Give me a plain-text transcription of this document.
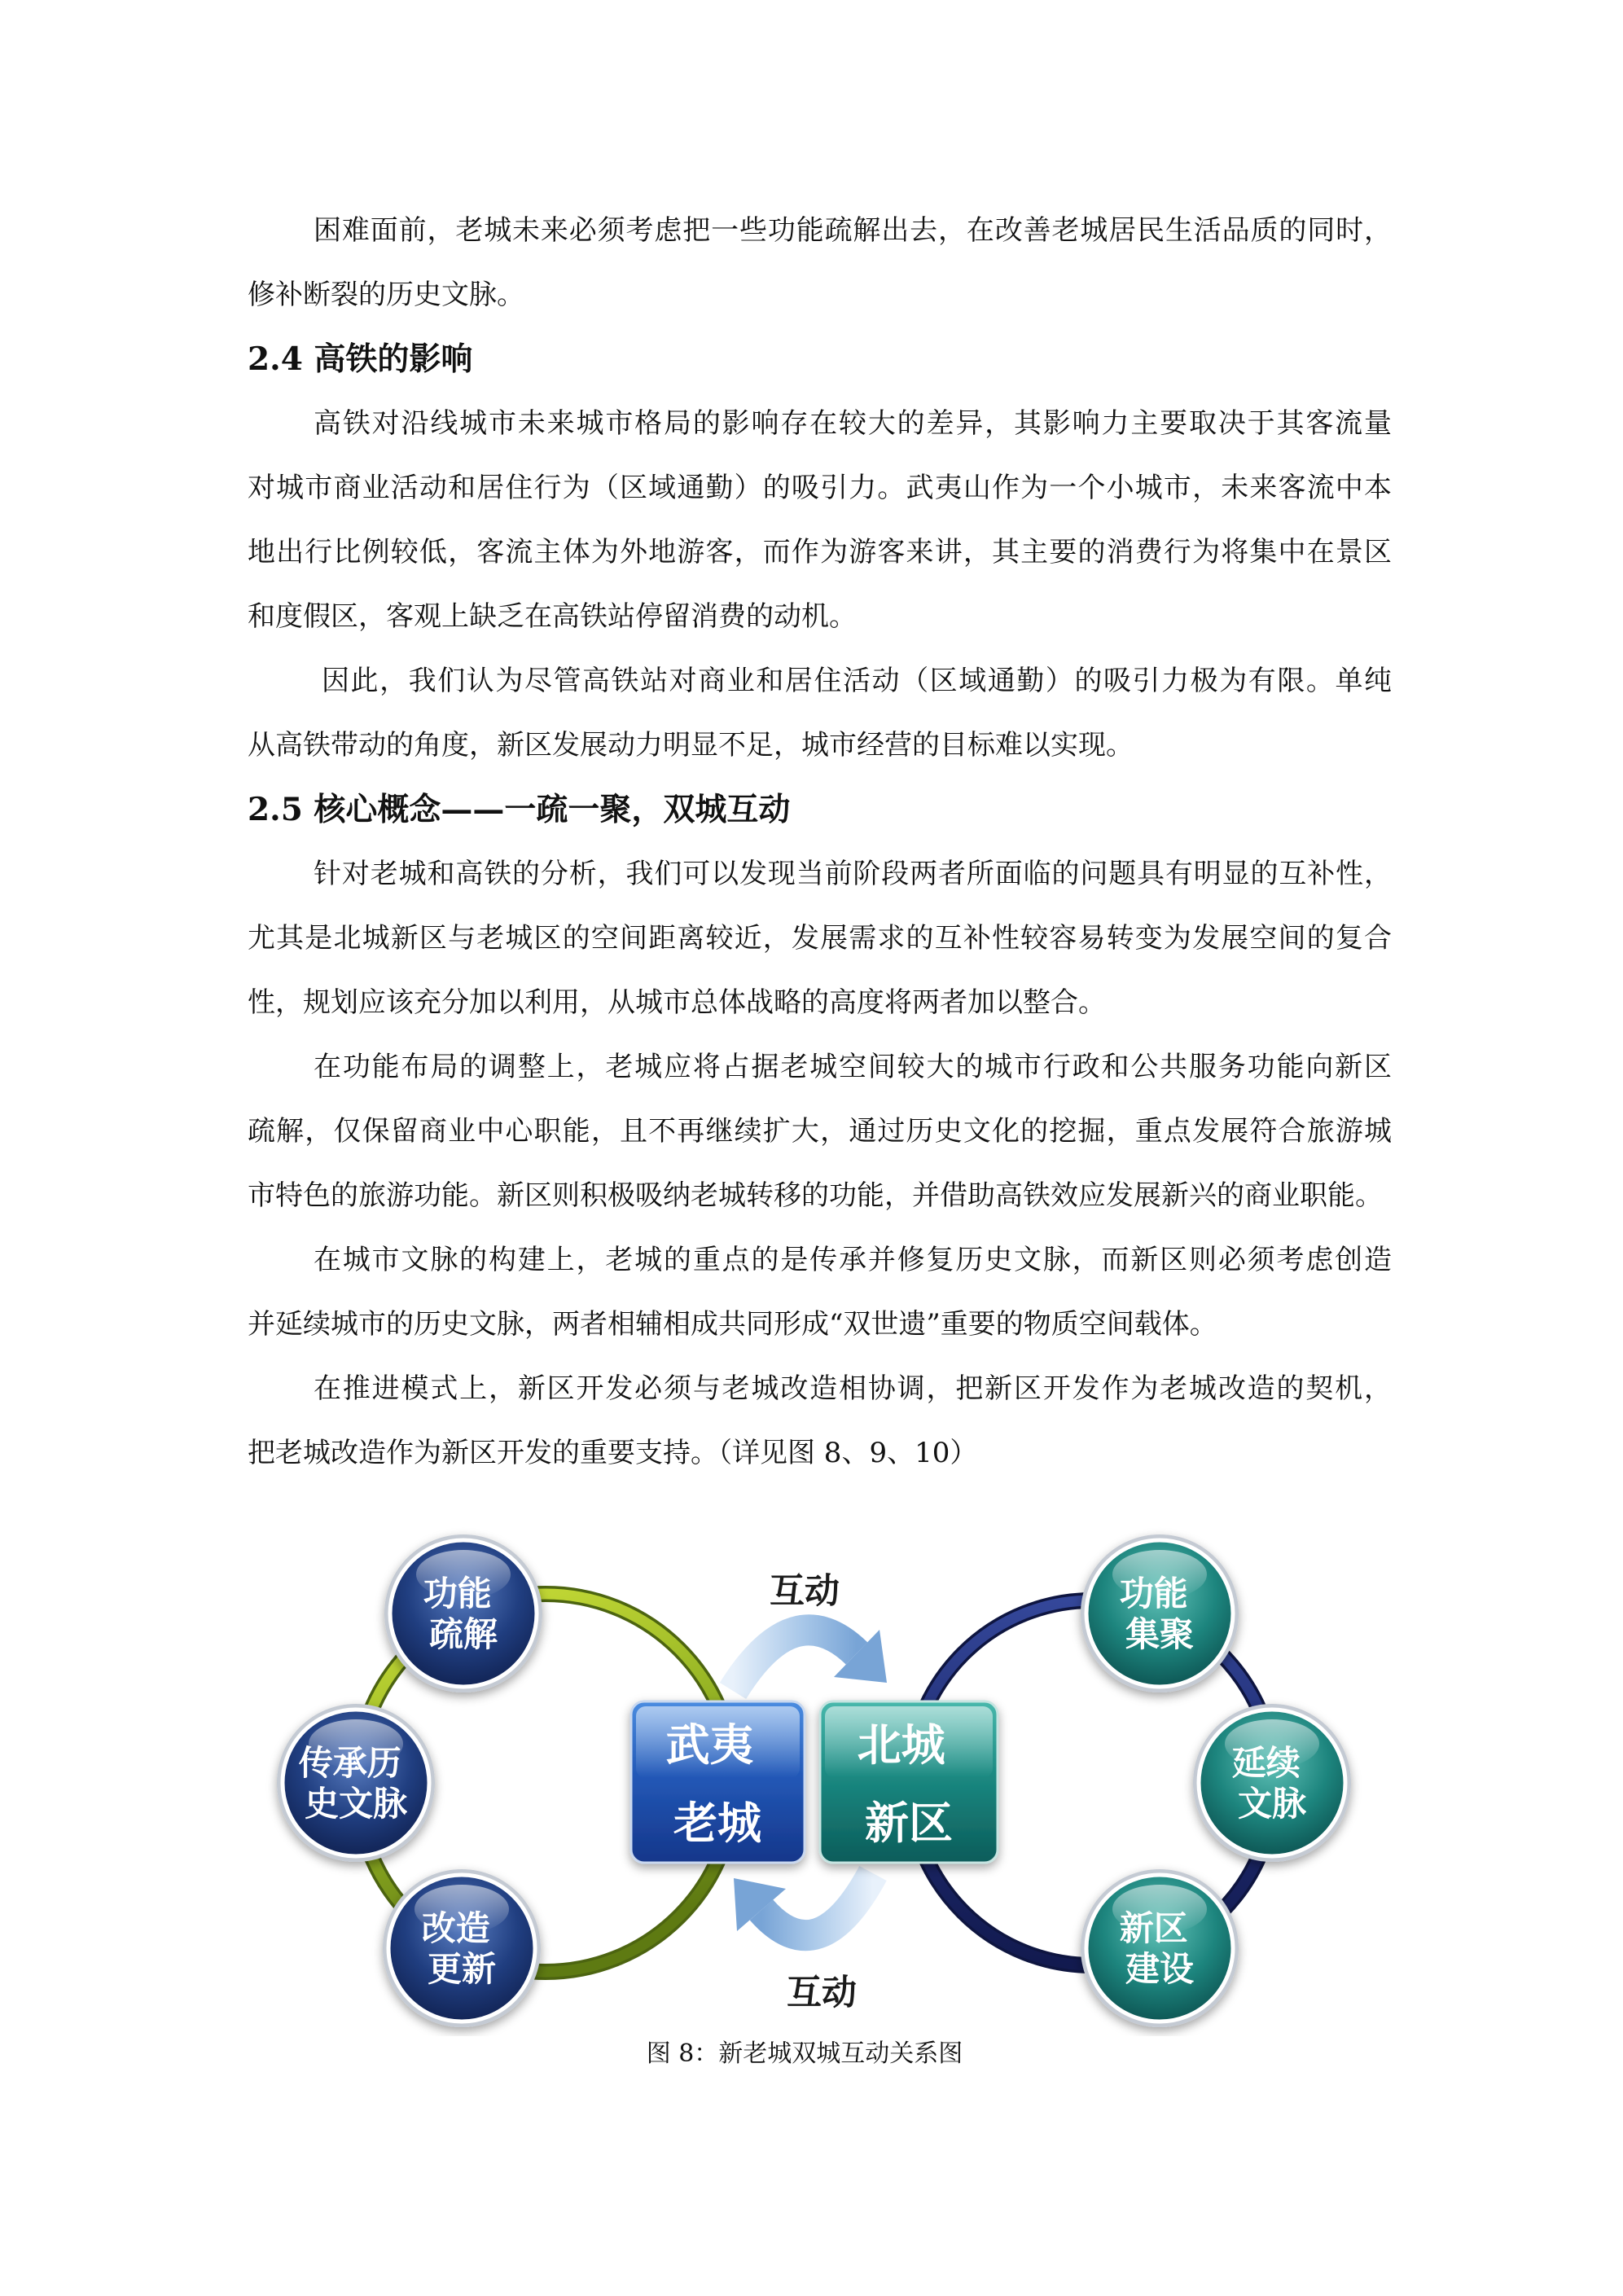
困难面前，老城未来必须考虑把一些功能疏解出去，在改善老城居民生活品质的同时，
修补断裂的历史文脉。

2.4 高铁的影响

高铁对沿线城市未来城市格局的影响存在较大的差异，其影响力主要取决于其客流量
对城市商业活动和居住行为（区域通勤）的吸引力。武夷山作为一个小城市，未来客流中本
地出行比例较低，客流主体为外地游客，而作为游客来讲，其主要的消费行为将集中在景区
和度假区，客观上缺乏在高铁站停留消费的动机。

因此，我们认为尽管高铁站对商业和居住活动（区域通勤）的吸引力极为有限。单纯
从高铁带动的角度，新区发展动力明显不足，城市经营的目标难以实现。

2.5 核心概念——一疏一聚，双城互动

针对老城和高铁的分析，我们可以发现当前阶段两者所面临的问题具有明显的互补性，
尤其是北城新区与老城区的空间距离较近，发展需求的互补性较容易转变为发展空间的复合
性，规划应该充分加以利用，从城市总体战略的高度将两者加以整合。

在功能布局的调整上，老城应将占据老城空间较大的城市行政和公共服务功能向新区
疏解，仅保留商业中心职能，且不再继续扩大，通过历史文化的挖掘，重点发展符合旅游城
市特色的旅游功能。新区则积极吸纳老城转移的功能，并借助高铁效应发展新兴的商业职能。

在城市文脉的构建上，老城的重点的是传承并修复历史文脉，而新区则必须考虑创造
并延续城市的历史文脉，两者相辅相成共同形成“双世遗”重要的物质空间载体。

在推进模式上，新区开发必须与老城改造相协调，把新区开发作为老城改造的契机，
把老城改造作为新区开发的重要支持。（详见图 8、9、10）

互动
互动
武夷 老城
北城 新区
功能 疏解
传承历 史文脉
改造 更新
功能 集聚
延续 文脉
新区 建设
图 8：新老城双城互动关系图
